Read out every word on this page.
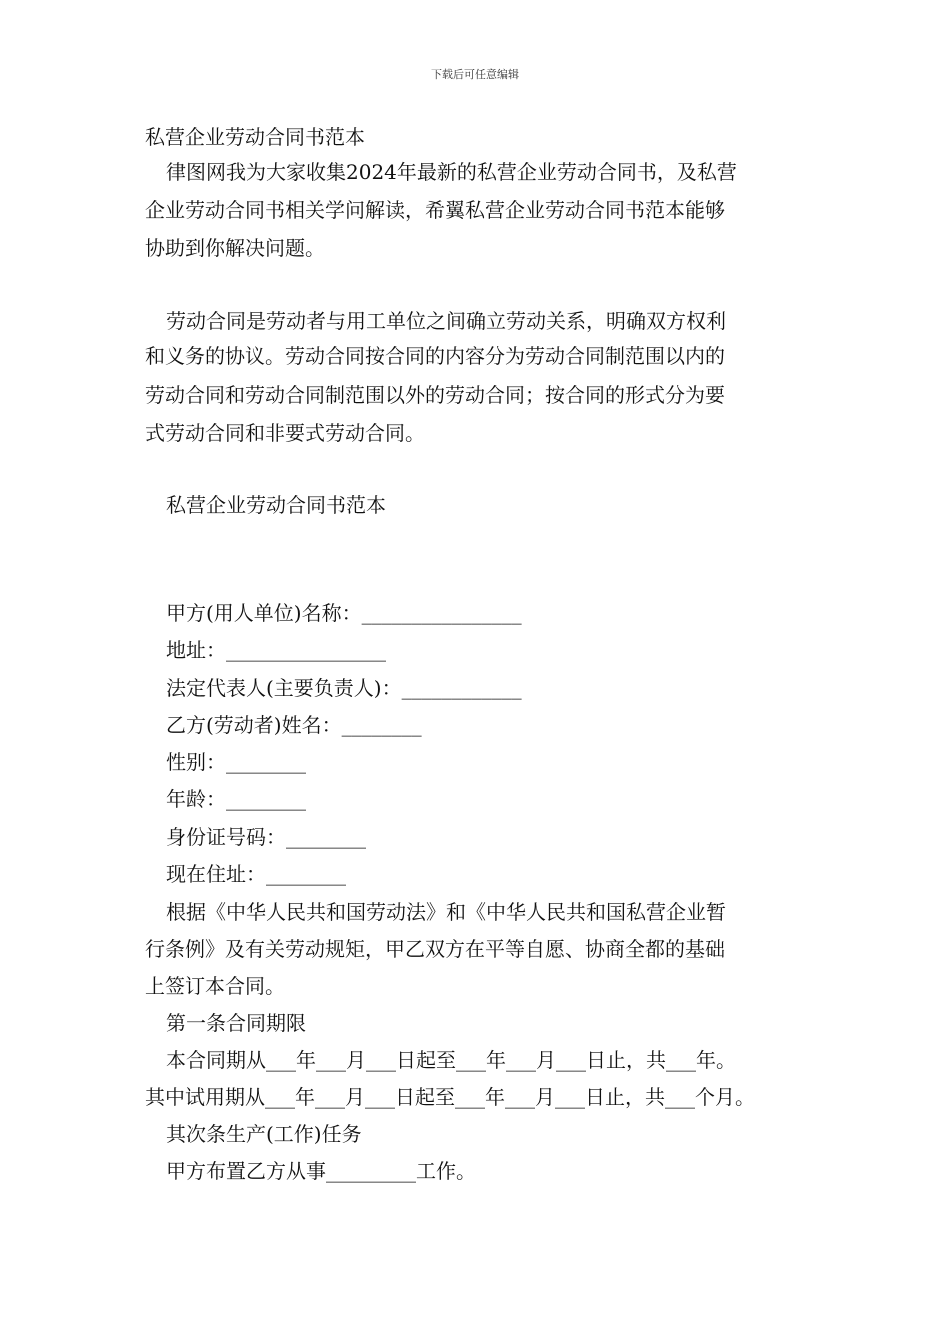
下载后可任意编辑
私营企业劳动合同书范本
律图网我为大家收集2024年最新的私营企业劳动合同书，及私营
企业劳动合同书相关学问解读，希翼私营企业劳动合同书范本能够
协助到你解决问题。
劳动合同是劳动者与用工单位之间确立劳动关系，明确双方权利
和义务的协议。劳动合同按合同的内容分为劳动合同制范围以内的
劳动合同和劳动合同制范围以外的劳动合同；按合同的形式分为要
式劳动合同和非要式劳动合同。
私营企业劳动合同书范本
甲方(用人单位)名称：________________
地址：________________
法定代表人(主要负责人)：____________
乙方(劳动者)姓名：________
性别：________
年龄：________
身份证号码：________
现在住址：________
根据《中华人民共和国劳动法》和《中华人民共和国私营企业暂
行条例》及有关劳动规矩，甲乙双方在平等自愿、协商全都的基础
上签订本合同。
第一条合同期限
本合同期从___年___月___日起至___年___月___日止，共___年。
其中试用期从___年___月___日起至___年___月___日止，共___个月。
其次条生产(工作)任务
甲方布置乙方从事_________工作。
